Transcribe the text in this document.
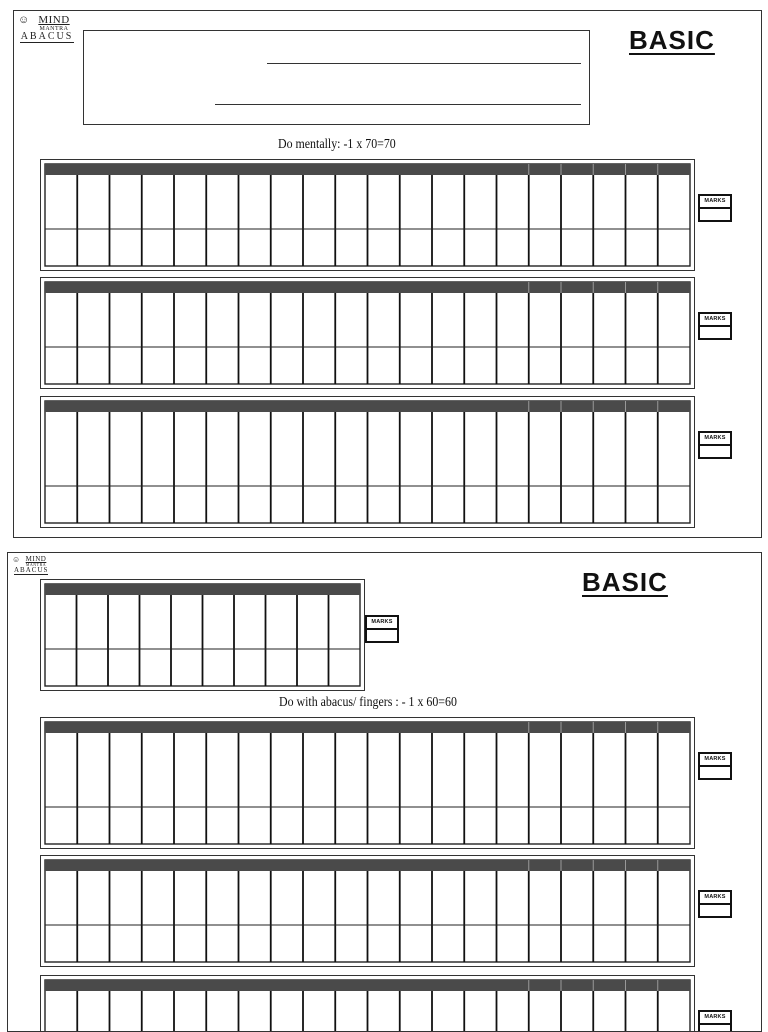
☺ MIND
MANTRA
ABACUS	BASIC
Do mentally: -1 x 70=70
MARKS
MARKS
MARKS
☺ MIND
MANTRA
ABACUS	BASIC
MARKS
Do with abacus/ fingers : - 1 x 60=60
MARKS
MARKS
MARKS
